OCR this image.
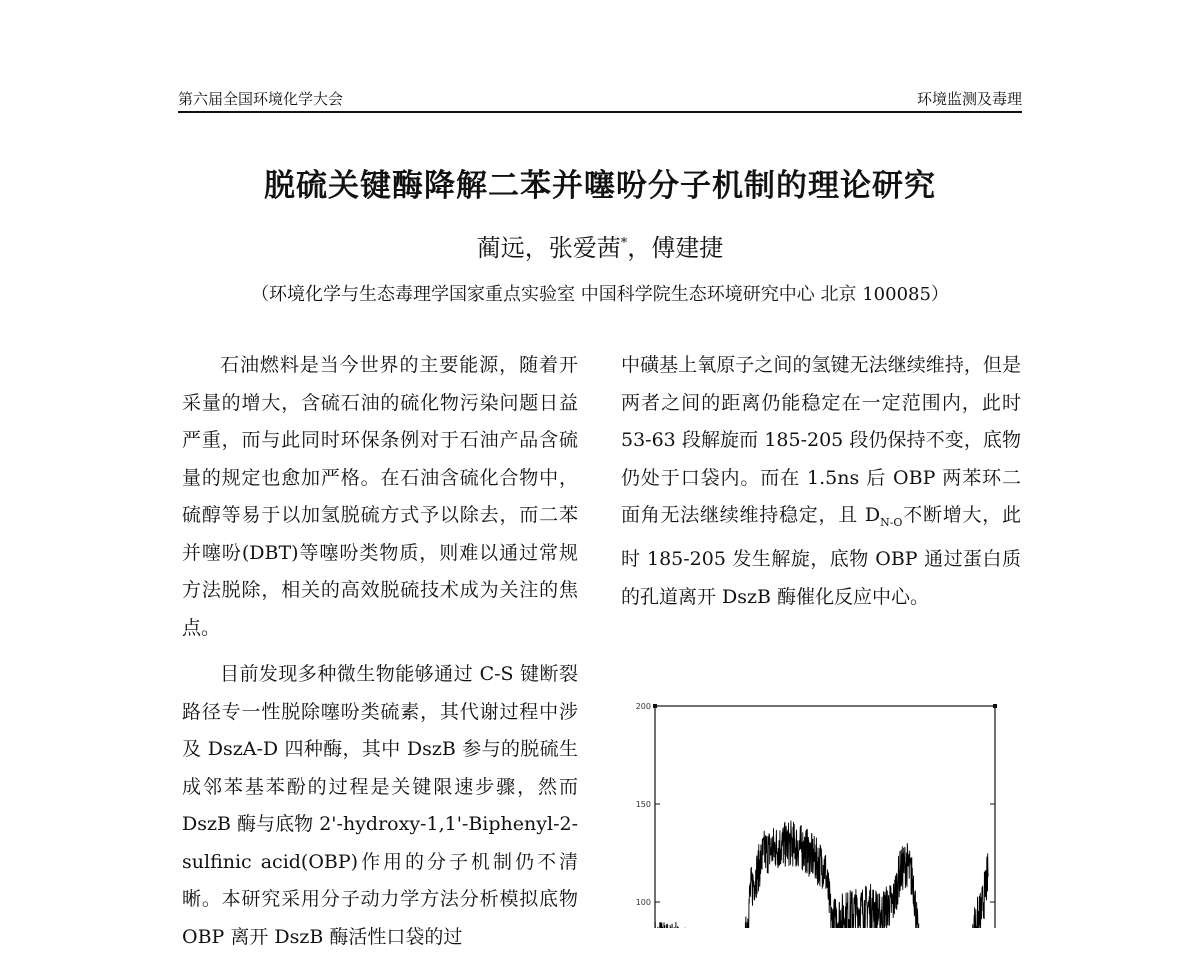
第六届全国环境化学大会	环境监测及毒理
脱硫关键酶降解二苯并噻吩分子机制的理论研究
蔺远，张爱茜*，傅建捷
（环境化学与生态毒理学国家重点实验室 中国科学院生态环境研究中心 北京 100085）

石油燃料是当今世界的主要能源，随着开采量的增大，含硫石油的硫化物污染问题日益严重，而与此同时环保条例对于石油产品含硫量的规定也愈加严格。在石油含硫化合物中，硫醇等易于以加氢脱硫方式予以除去，而二苯并噻吩(DBT)等噻吩类物质，则难以通过常规方法脱除，相关的高效脱硫技术成为关注的焦点。

目前发现多种微生物能够通过 C-S 键断裂路径专一性脱除噻吩类硫素，其代谢过程中涉及 DszA-D 四种酶，其中 DszB 参与的脱硫生成邻苯基苯酚的过程是关键限速步骤，然而 DszB 酶与底物 2'-hydroxy-1,1'-Biphenyl-2-sulfinic acid(OBP)作用的分子机制仍不清晰。本研究采用分子动力学方法分析模拟底物 OBP 离开 DszB 酶活性口袋的过

中磺基上氧原子之间的氢键无法继续维持，但是两者之间的距离仍能稳定在一定范围内，此时 53-63 段解旋而 185-205 段仍保持不变，底物仍处于口袋内。而在 1.5ns 后 OBP 两苯环二面角无法继续维持稳定，且 $D_{N-O}$不断增大，此时 185-205 发生解旋，底物 OBP 通过蛋白质的孔道离开 DszB 酶催化反应中心。

100
150
200
